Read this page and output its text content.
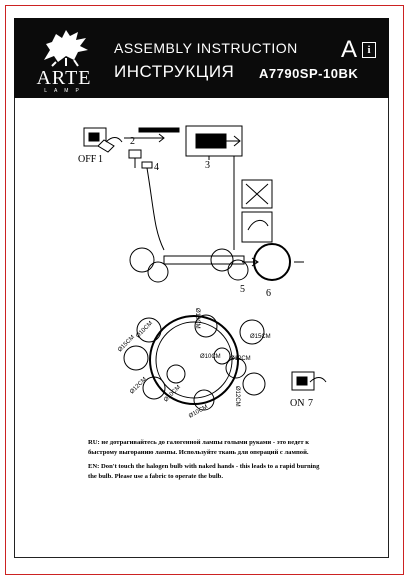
ARTE
LAMP
ASSEMBLY INSTRUCTION
ИНСТРУКЦИЯ A7790SP-10BK
A i
OFF 1
2
3
4
5 6
ON 7
Ø10CM
Ø15CM
Ø12CM
Ø10CM
Ø15CM
Ø10CM Ø12CM
Ø12CM
Ø10CM
Ø10CM
RU: не дотрагивайтесь до галогенной лампы голыми руками - это ведет к быстрому выгоранию лампы. Используйте ткань для операций с лампой.
EN: Don't touch the halogen bulb with naked hands - this leads to a rapid burning the bulb. Please use a fabric to operate the bulb.
